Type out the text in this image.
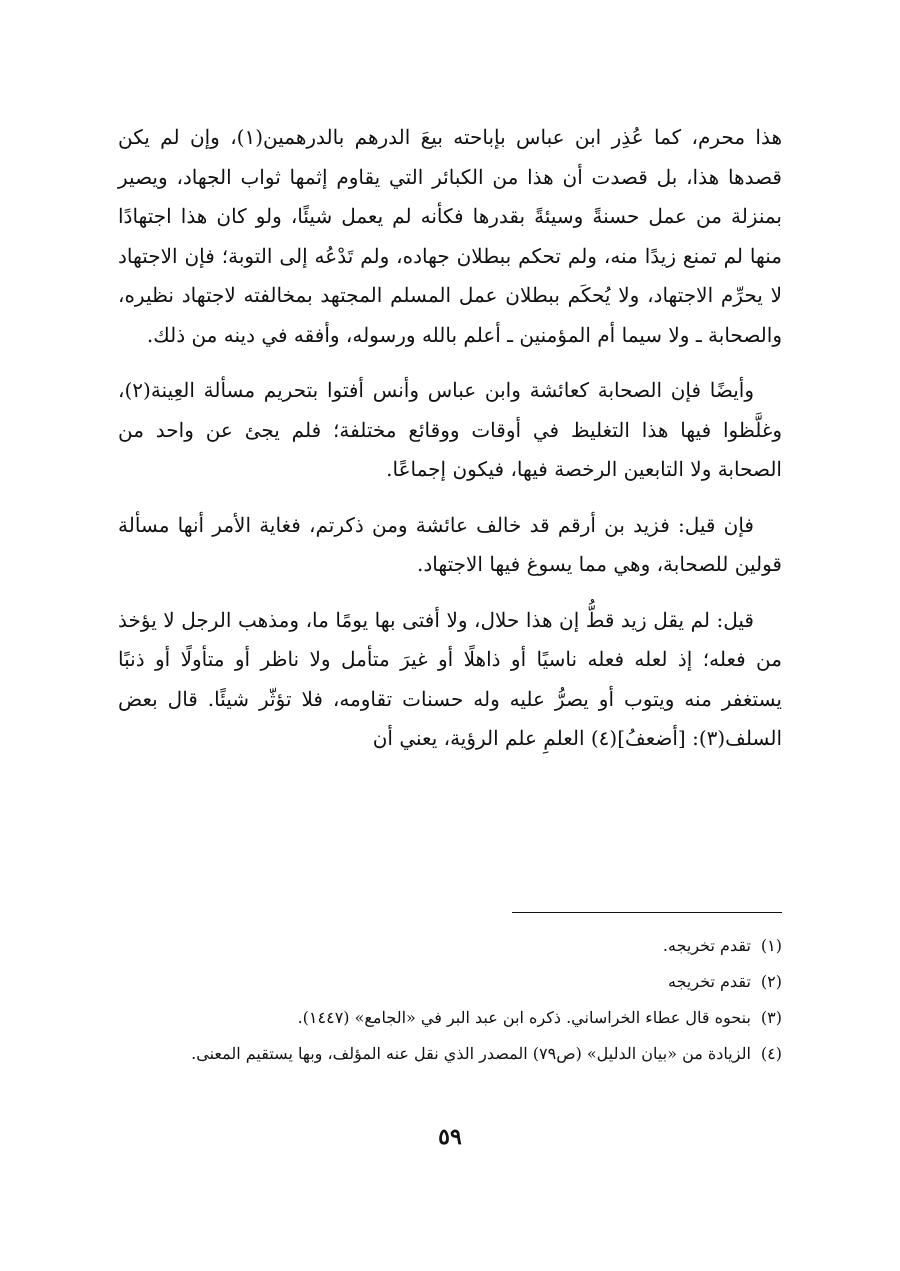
هذا محرم، كما عُذِر ابن عباس بإباحته بيعَ الدرهم بالدرهمين(١)، وإن لم يكن قصدها هذا، بل قصدت أن هذا من الكبائر التي يقاوم إثمها ثواب الجهاد، ويصير بمنزلة من عمل حسنةً وسيئةً بقدرها فكأنه لم يعمل شيئًا، ولو كان هذا اجتهادًا منها لم تمنع زيدًا منه، ولم تحكم ببطلان جهاده، ولم تَدْعُه إلى التوبة؛ فإن الاجتهاد لا يحرِّم الاجتهاد، ولا يُحكَم ببطلان عمل المسلم المجتهد بمخالفته لاجتهاد نظيره، والصحابة ـ ولا سيما أم المؤمنين ـ أعلم بالله ورسوله، وأفقه في دينه من ذلك.

وأيضًا فإن الصحابة كعائشة وابن عباس وأنس أفتوا بتحريم مسألة العِينة(٢)، وغلَّظوا فيها هذا التغليظ في أوقات ووقائع مختلفة؛ فلم يجئ عن واحد من الصحابة ولا التابعين الرخصة فيها، فيكون إجماعًا.

فإن قيل: فزيد بن أرقم قد خالف عائشة ومن ذكرتم، فغاية الأمر أنها مسألة قولين للصحابة، وهي مما يسوغ فيها الاجتهاد.

قيل: لم يقل زيد قطُّ إن هذا حلال، ولا أفتى بها يومًا ما، ومذهب الرجل لا يؤخذ من فعله؛ إذ لعله فعله ناسيًا أو ذاهلًا أو غيرَ متأمل ولا ناظر أو متأولًا أو ذنبًا يستغفر منه ويتوب أو يصرُّ عليه وله حسنات تقاومه، فلا تؤثّر شيئًا. قال بعض السلف(٣): [أضعفُ](٤) العلمِ علم الرؤية، يعني أن

(١)
تقدم تخريجه.
(٢)
تقدم تخريجه
(٣)
بنحوه قال عطاء الخراساني. ذكره ابن عبد البر في «الجامع» (١٤٤٧).
(٤)
الزيادة من «بيان الدليل» (ص٧٩) المصدر الذي نقل عنه المؤلف، وبها يستقيم المعنى.
٥٩
